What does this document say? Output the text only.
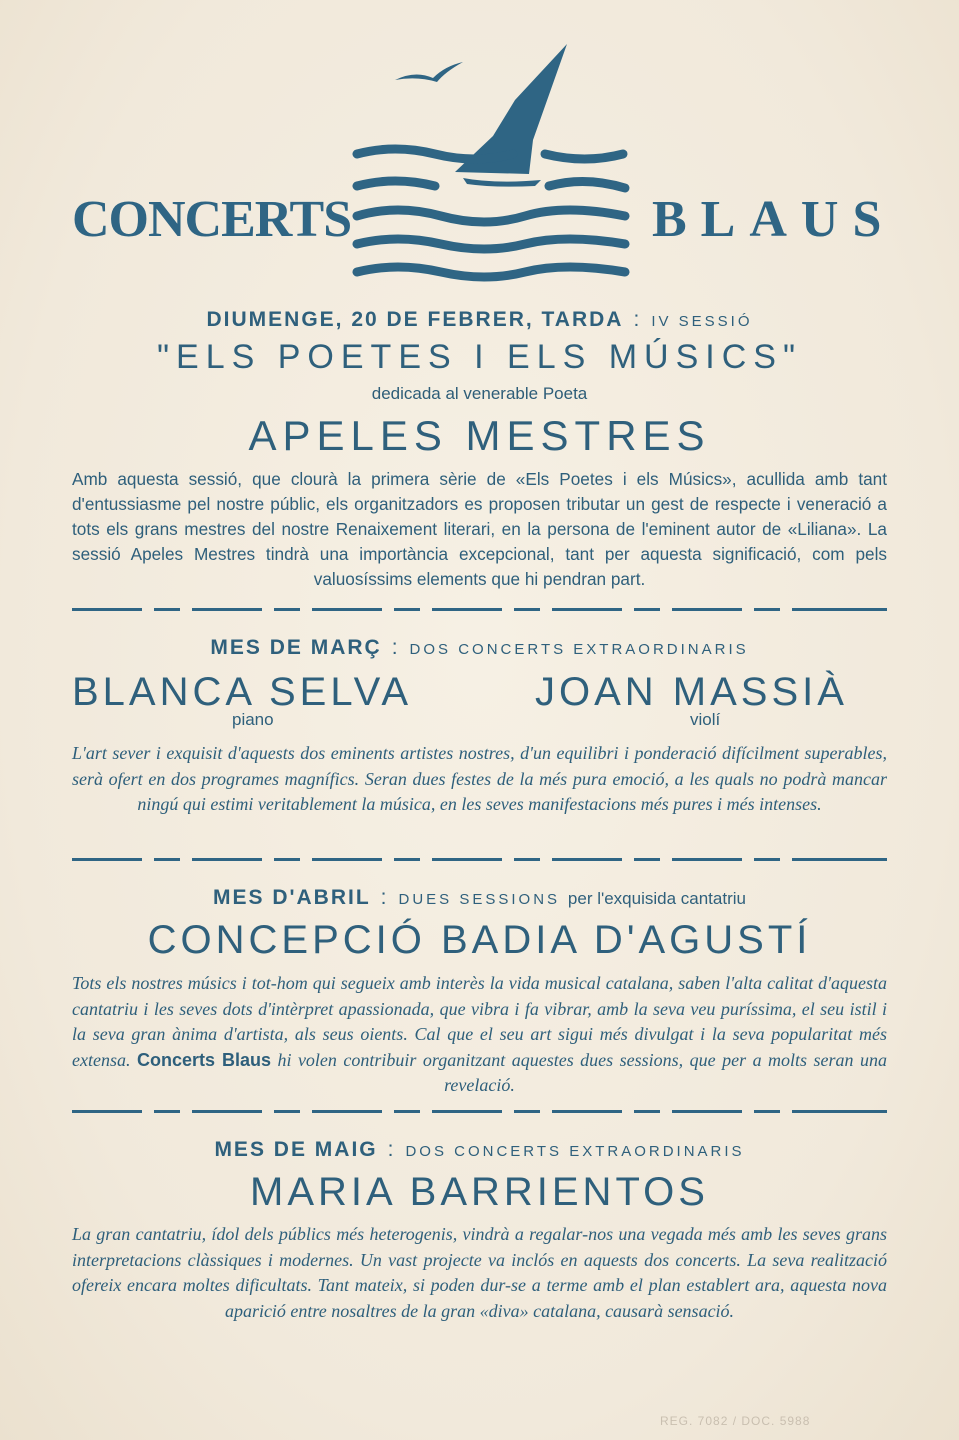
CONCERTS	BLAUS
DIUMENGE, 20 DE FEBRER, TARDA : IV SESSIÓ
"ELS POETES I ELS MÚSICS"
dedicada al venerable Poeta
APELES MESTRES
Amb aquesta sessió, que clourà la primera sèrie de «Els Poetes i els Músics», acullida amb tant d'entussiasme pel nostre públic, els organitzadors es proposen tributar un gest de respecte i veneració a tots els grans mestres del nostre Renaixement literari, en la persona de l'eminent autor de «Liliana». La sessió Apeles Mestres tindrà una importància excepcional, tant per aquesta significació, com pels valuosíssims elements que hi pendran part.
MES DE MARÇ : DOS CONCERTS EXTRAORDINARIS
BLANCA SELVA
piano
JOAN MASSIÀ
violí
L'art sever i exquisit d'aquests dos eminents artistes nostres, d'un equilibri i ponderació difícilment superables, serà ofert en dos programes magnífics. Seran dues festes de la més pura emoció, a les quals no podrà mancar ningú qui estimi veritablement la música, en les seves manifestacions més pures i més intenses.
MES D'ABRIL : DUES SESSIONS per l'exquisida cantatriu
CONCEPCIÓ BADIA D'AGUSTÍ
Tots els nostres músics i tot-hom qui segueix amb interès la vida musical catalana, saben l'alta calitat d'aquesta cantatriu i les seves dots d'intèrpret apassionada, que vibra i fa vibrar, amb la seva veu puríssima, el seu istil i la seva gran ànima d'artista, als seus oients. Cal que el seu art sigui més divulgat i la seva popularitat més extensa. Concerts Blaus hi volen contribuir organitzant aquestes dues sessions, que per a molts seran una revelació.
MES DE MAIG : DOS CONCERTS EXTRAORDINARIS
MARIA BARRIENTOS
La gran cantatriu, ídol dels públics més heterogenis, vindrà a regalar-nos una vegada més amb les seves grans interpretacions clàssiques i modernes. Un vast projecte va inclós en aquests dos concerts. La seva realització ofereix encara moltes dificultats. Tant mateix, si poden dur-se a terme amb el plan establert ara, aquesta nova aparició entre nosaltres de la gran «diva» catalana, causarà sensació.
REG. 7082 / DOC. 5988
